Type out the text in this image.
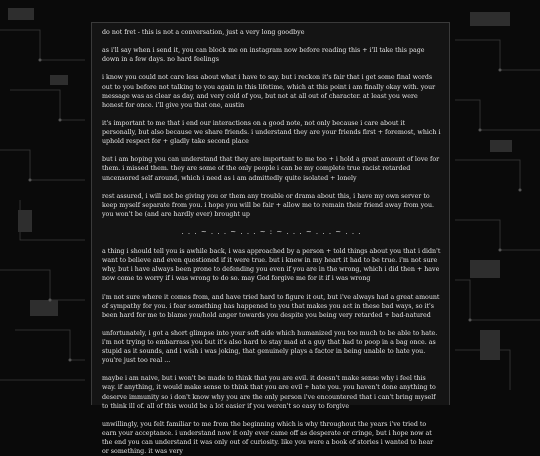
do not fret - this is not a conversation, just a very long goodbye

as i'll say when i send it, you can block me on instagram now before reading this + i'll take this page down in a few days. no hard feelings

i know you could not care less about what i have to say. but i reckon it's fair that i get some final words out to you before not talking to you again in this lifetime, which at this point i am finally okay with. your message was as clear as day, and very cold of you, but not at all out of character. at least you were honest for once. i'll give you that one, austin

it's important to me that i end our interactions on a good note, not only because i care about it personally, but also because we share friends. i understand they are your friends first + foremost, which i uphold respect for + gladly take second place

but i am hoping you can understand that they are important to me too + i hold a great amount of love for them. i missed them. they are some of the only people i can be my complete true racist retarded uncensored self around, which i need as i am admittedly quite isolated + lonely

rest assured, i will not be giving you or them any trouble or drama about this, i have my own server to keep myself separate from you. i hope you will be fair + allow me to remain their friend away from you. you won't be (and are hardly ever) brought up

. . . ~ . . . ~ . . . ~ : ~ . . . ~ . . . ~ . . .

a thing i should tell you is awhile back, i was approached by a person + told things about you that i didn't want to believe and even questioned if it were true. but i knew in my heart it had to be true. i'm not sure why, but i have always been prone to defending you even if you are in the wrong, which i did then + have now come to worry if i was wrong to do so. may God forgive me for it if i was wrong

i'm not sure where it comes from, and have tried hard to figure it out, but i've always had a great amount of sympathy for you. i fear something has happened to you that makes you act in these bad ways, so it's been hard for me to blame you/hold anger towards you despite you being very retarded + bad-natured

unfortunately, i got a short glimpse into your soft side which humanized you too much to be able to hate. i'm not trying to embarrass you but it's also hard to stay mad at a guy that had to poop in a bag once. as stupid as it sounds, and i wish i was joking, that genuinely plays a factor in being unable to hate you. you're just too real ...

maybe i am naive, but i won't be made to think that you are evil. it doesn't make sense why i feel this way. if anything, it would make sense to think that you are evil + hate you. you haven't done anything to deserve immunity so i don't know why you are the only person i've encountered that i can't bring myself to think ill of. all of this would be a lot easier if you weren't so easy to forgive

unwillingly, you felt familiar to me from the beginning which is why throughout the years i've tried to earn your acceptance. i understand now it only ever came off as desperate or cringe, but i hope now at the end you can understand it was only out of curiosity. like you were a book of stories i wanted to hear or something. it was very
